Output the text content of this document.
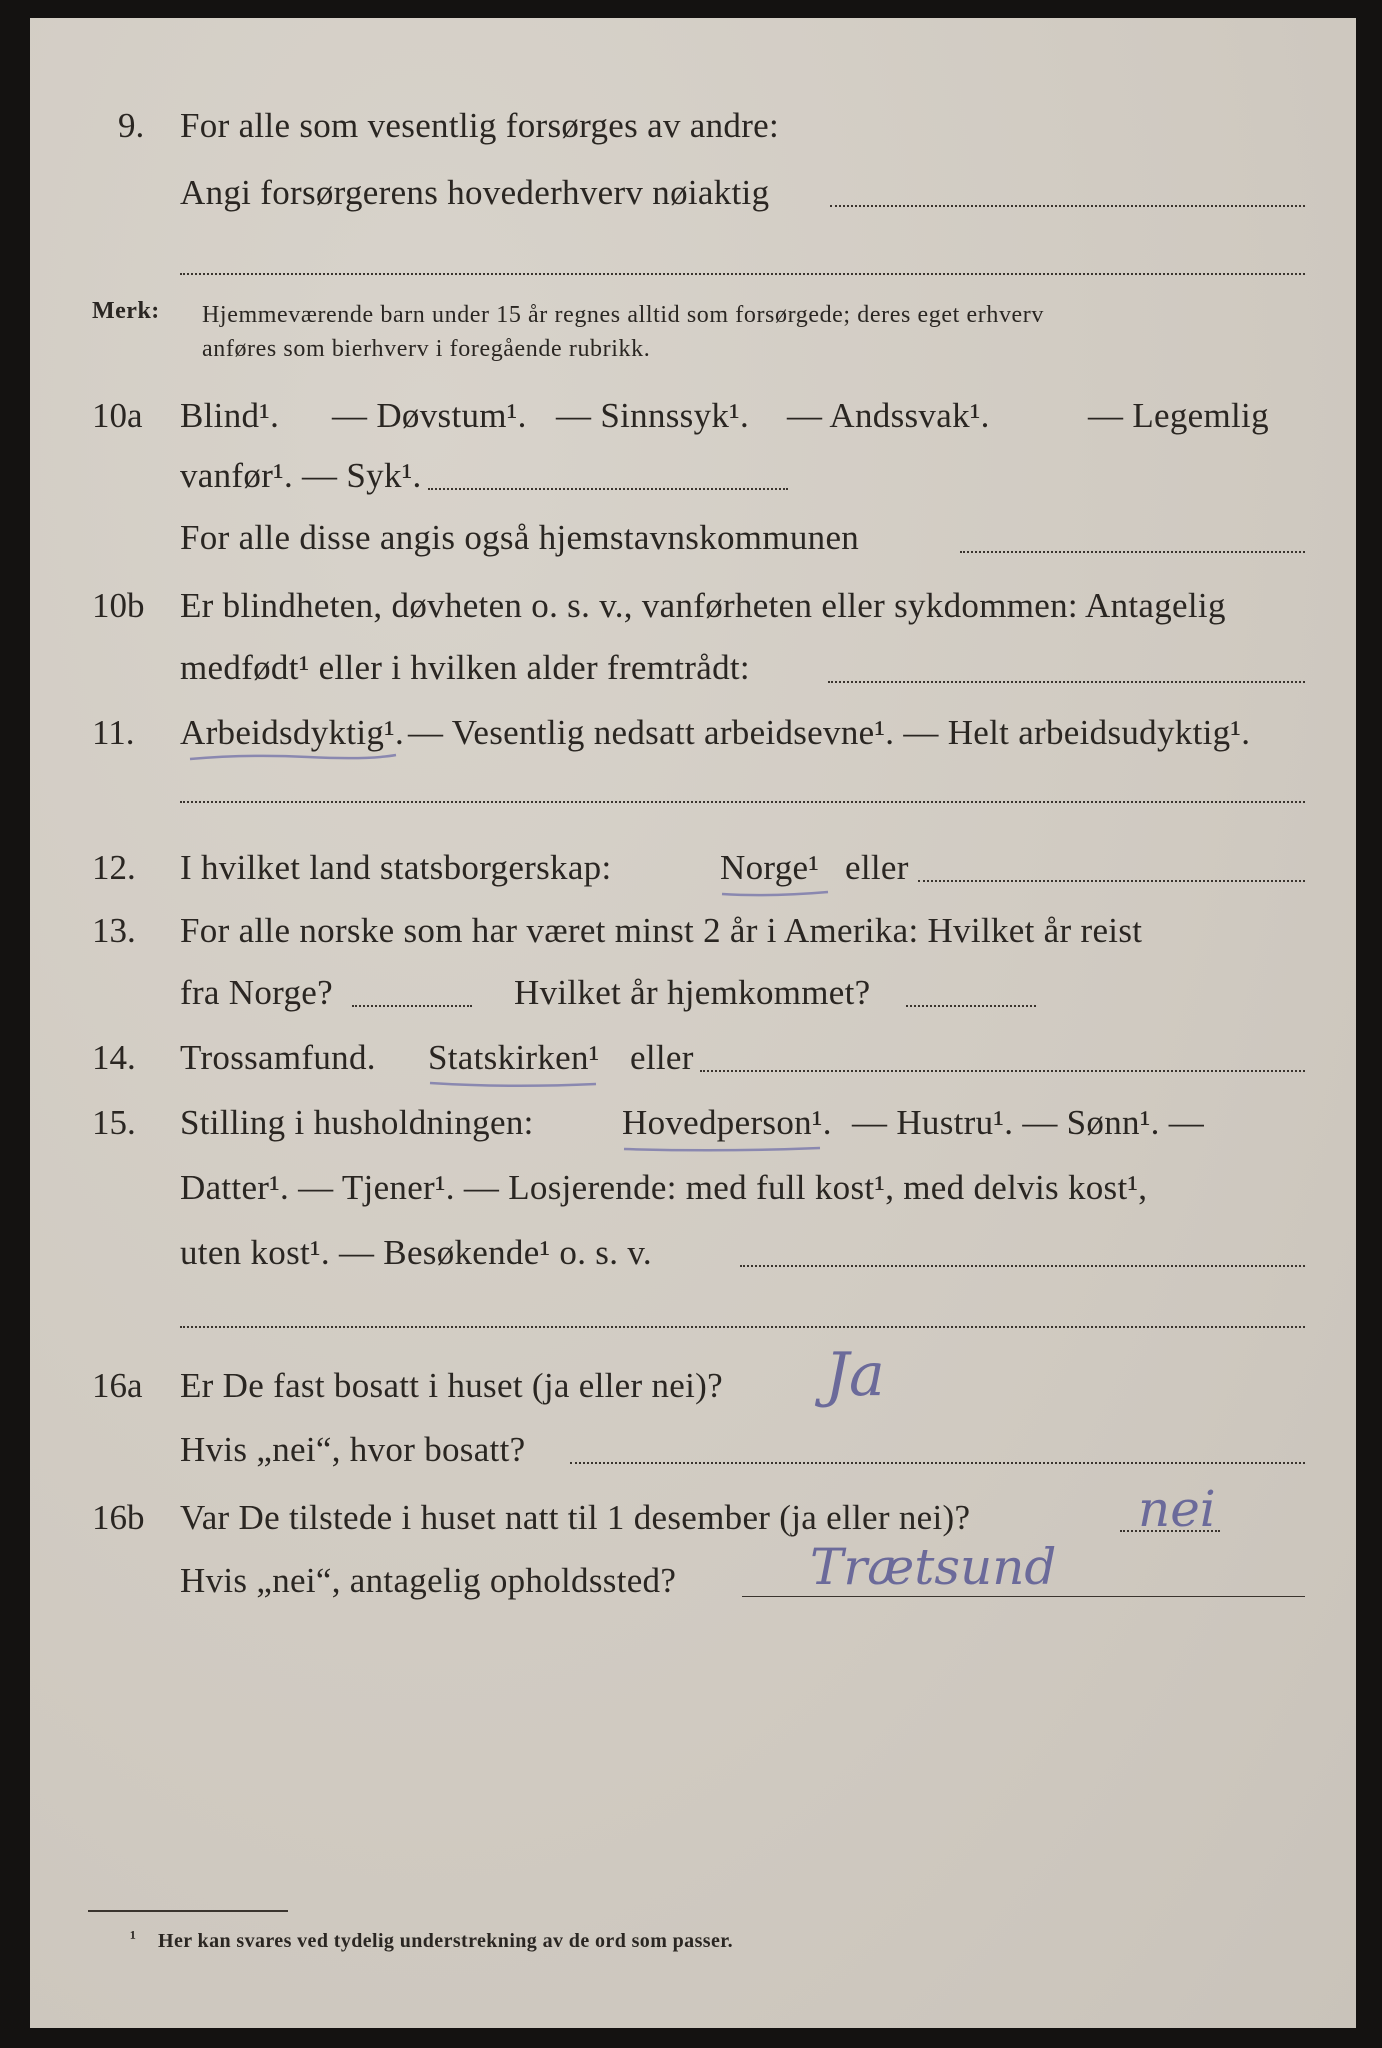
9. For alle som vesentlig forsørges av andre:
Angi forsørgerens hovederhverv nøiaktig
Merk: Hjemmeværende barn under 15 år regnes alltid som forsørgede; deres eget erhverv
anføres som bierhverv i foregående rubrikk.
10a Blind¹. — Døvstum¹. — Sinnssyk¹. — Andssvak¹.	— Legemlig
vanfør¹. — Syk¹.
For alle disse angis også hjemstavnskommunen
10b Er blindheten, døvheten o. s. v., vanførheten eller sykdommen: Antagelig
medfødt¹ eller i hvilken alder fremtrådt:
11. Arbeidsdyktig¹. — Vesentlig nedsatt arbeidsevne¹. — Helt arbeidsudyktig¹.
12. I hvilket land statsborgerskap:	Norge¹ eller
13. For alle norske som har været minst 2 år i Amerika: Hvilket år reist
fra Norge?	Hvilket år hjemkommet?
14. Trossamfund. Statskirken¹ eller
15. Stilling i husholdningen:	Hovedperson¹. — Hustru¹. — Sønn¹. —
Datter¹. — Tjener¹. — Losjerende: med full kost¹, med delvis kost¹,
uten kost¹. — Besøkende¹ o. s. v.
16a Er De fast bosatt i huset (ja eller nei)? Ja
Hvis „nei“, hvor bosatt?
16b Var De tilstede i huset natt til 1 desember (ja eller nei)?	nei
Hvis „nei“, antagelig opholdssted?	Trætsund
¹ Her kan svares ved tydelig understrekning av de ord som passer.
